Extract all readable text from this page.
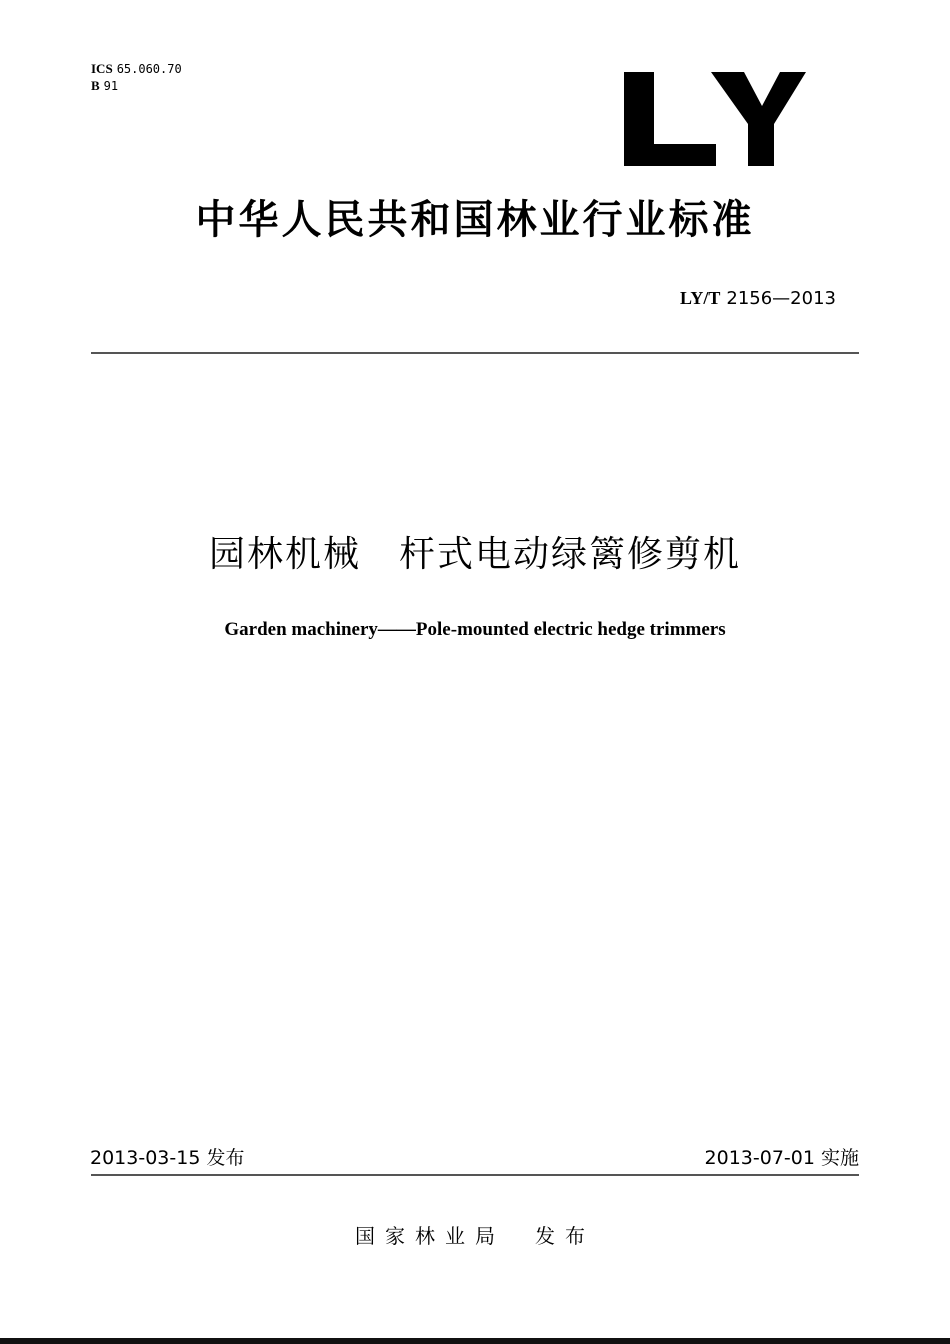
ICS 65.060.70
B 91
中华人民共和国林业行业标准
LY/T 2156—2013
园林机械　杆式电动绿篱修剪机
Garden machinery——Pole-mounted electric hedge trimmers
2013-03-15 发布	2013-07-01 实施
国家林业局　发布
